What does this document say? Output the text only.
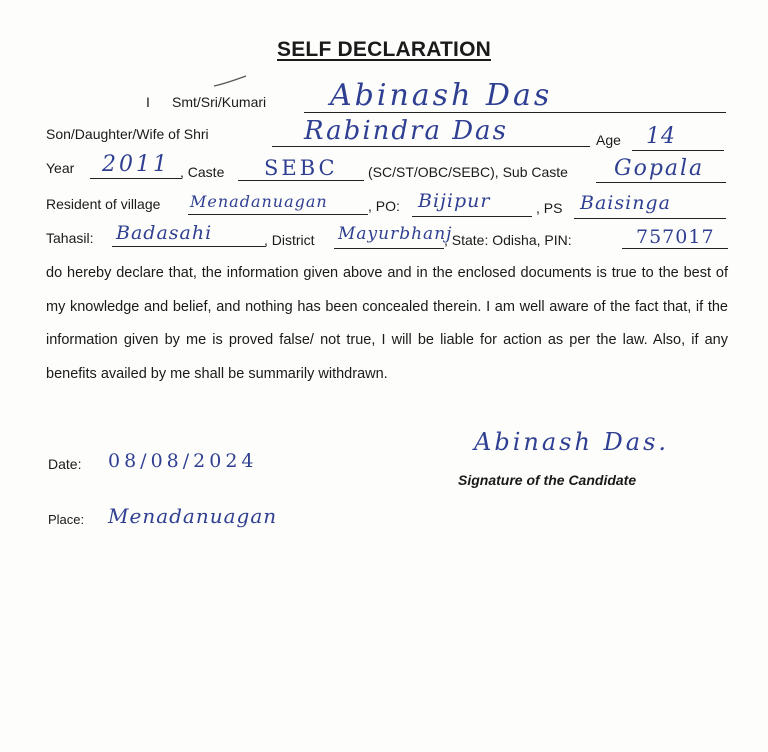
SELF DECLARATION
I Smt/Sri/Kumari Abinash Das
Son/Daughter/Wife of Shri	Rabindra Das	Age 14
Year 2011 , Caste SEBC (SC/ST/OBC/SEBC), Sub Caste Gopala
Resident of village Menadanuagan	, PO: Bijipur	, PS Baisinga
Tahasil: Badasahi	, District Mayurbhanj
, State: Odisha, PIN:	757017
do hereby declare that, the information given above and in the enclosed documents is true to the best of my knowledge and belief, and nothing has been concealed therein. I am well aware of the fact that, if the information given by me is proved false/ not true, I will be liable for action as per the law. Also, if any benefits availed by me shall be summarily withdrawn.
Date: 08/08/2024
Place: Menadanuagan
Abinash Das.
Signature of the Candidate
